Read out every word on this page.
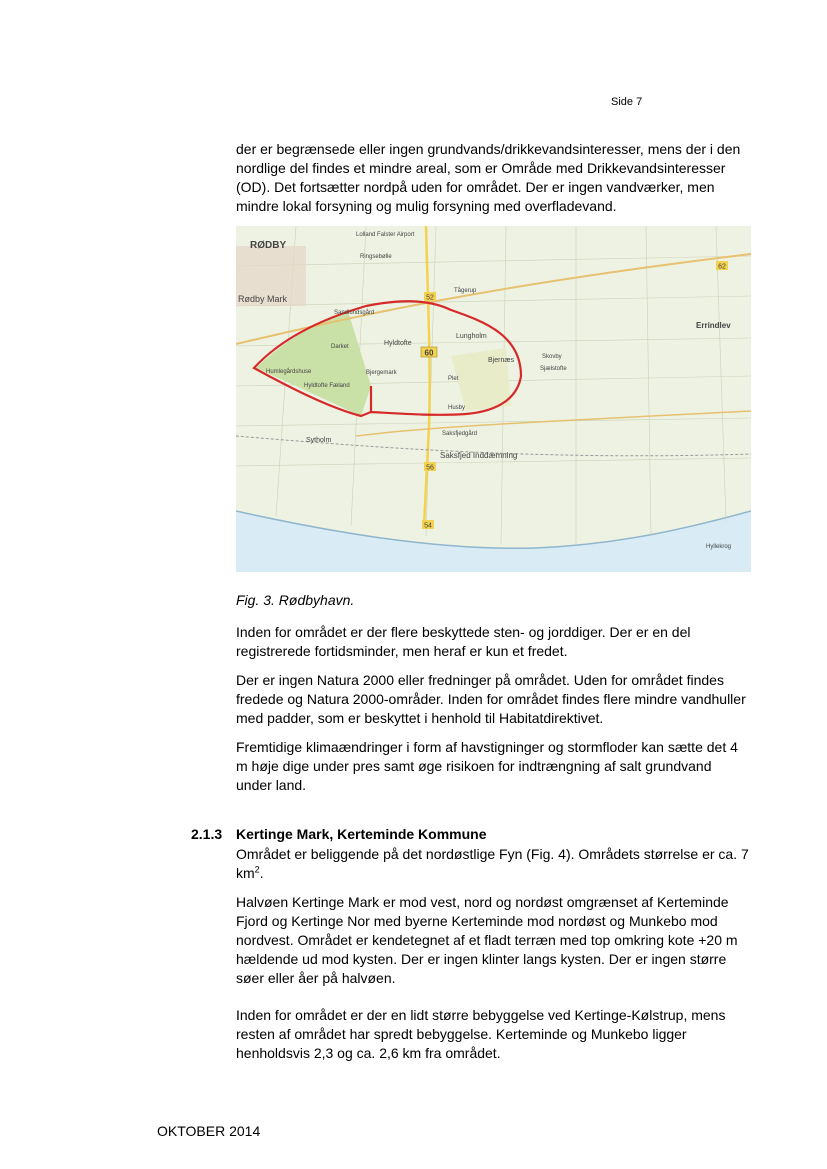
Side 7

der er begrænsede eller ingen grundvands/drikkevandsinteresser, mens der i den nordlige del findes et mindre areal, som er Område med Drikkevandsinteresser (OD). Det fortsætter nordpå uden for området. Der er ingen vandværker, men mindre lokal forsyning og mulig forsyning med overfladevand.

60
52
56
54
62
RØDBY
Rødby Mark
Lolland Falster Airport
Ringsebølle
Tågerup
Errindlev
Hyldtofte
Lungholm
Bjernæs
Humlegårdshuse
Hyldtofte Fæland
Bjergemark
Darket
Plet
Husby
Sandlundsgård
Sytholm
Saksfjedgård
Saksfjed Inddæmning
Skovby
Sjælstofte
Hyllekrog
Fig. 3. Rødbyhavn.

Inden for området er der flere beskyttede sten- og jorddiger. Der er en del registrerede fortidsminder, men heraf er kun et fredet.

Der er ingen Natura 2000 eller fredninger på området. Uden for området findes fredede og Natura 2000-områder. Inden for området findes flere mindre vandhuller med padder, som er beskyttet i henhold til Habitatdirektivet.

Fremtidige klimaændringer i form af havstigninger og stormfloder kan sætte det 4 m høje dige under pres samt øge risikoen for indtrængning af salt grundvand under land.

2.1.3 Kertinge Mark, Kerteminde Kommune

Området er beliggende på det nordøstlige Fyn (Fig. 4). Områdets størrelse er ca. 7 $km^2$.

Halvøen Kertinge Mark er mod vest, nord og nordøst omgrænset af Kerteminde Fjord og Kertinge Nor med byerne Kerteminde mod nordøst og Munkebo mod nordvest. Området er kendetegnet af et fladt terræn med top omkring kote +20 m hældende ud mod kysten. Der er ingen klinter langs kysten. Der er ingen større søer eller åer på halvøen.

Inden for området er der en lidt større bebyggelse ved Kertinge-Kølstrup, mens resten af området har spredt bebyggelse. Kerteminde og Munkebo ligger henholdsvis 2,3 og ca. 2,6 km fra området.

OKTOBER 2014
